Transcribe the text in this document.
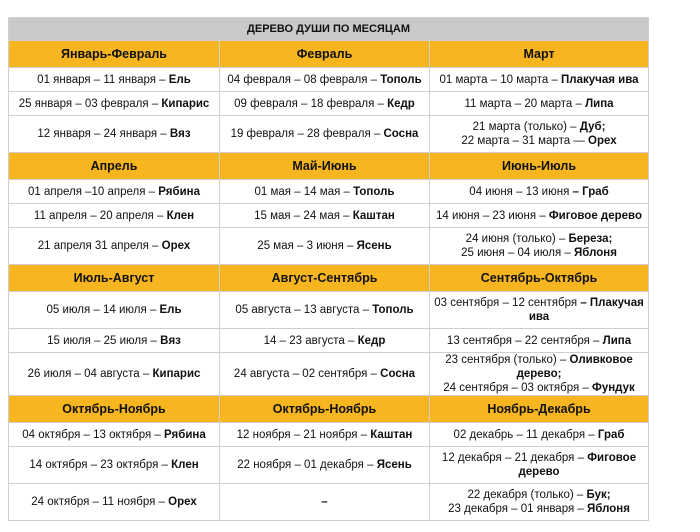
ДЕРЕВО ДУШИ ПО МЕСЯЦАМ		
Январь-Февраль	Февраль	Март
01 января – 11 января – Ель	04 февраля – 08 февраля – Тополь	01 марта – 10 марта – Плакучая ива
25 января – 03 февраля – Кипарис	09 февраля – 18 февраля – Кедр	11 марта – 20 марта – Липа
12 января – 24 января – Вяз	19 февраля – 28 февраля – Сосна	21 марта (только) – Дуб;
22 марта – 31 марта — Орех
Апрель	Май-Июнь	Июнь-Июль
01 апреля –10 апреля – Рябина	01 мая – 14 мая – Тополь	04 июня – 13 июня – Граб
11 апреля – 20 апреля – Клен	15 мая – 24 мая – Каштан	14 июня – 23 июня – Фиговое дерево
21 апреля 31 апреля – Орех	25 мая – 3 июня – Ясень	24 июня (только) – Береза;
25 июня – 04 июля – Яблоня
Июль-Август	Август-Сентябрь	Сентябрь-Октябрь
05 июля – 14 июля – Ель	05 августа – 13 августа – Тополь	03 сентября – 12 сентября – Плакучая ива
15 июля – 25 июля – Вяз	14 – 23 августа – Кедр	13 сентября – 22 сентября – Липа
26 июля – 04 августа – Кипарис	24 августа – 02 сентября – Сосна	23 сентября (только) – Оливковое дерево;
24 сентября – 03 октября – Фундук
Октябрь-Ноябрь	Октябрь-Ноябрь	Ноябрь-Декабрь
04 октября – 13 октября – Рябина	12 ноября – 21 ноября – Каштан	02 декабрь – 11 декабря – Граб
14 октября – 23 октября – Клен	22 ноября – 01 декабря – Ясень	12 декабря – 21 декабря – Фиговое дерево
24 октября – 11 ноября – Орех	–	22 декабря (только) – Бук;
23 декабря – 01 января – Яблоня
